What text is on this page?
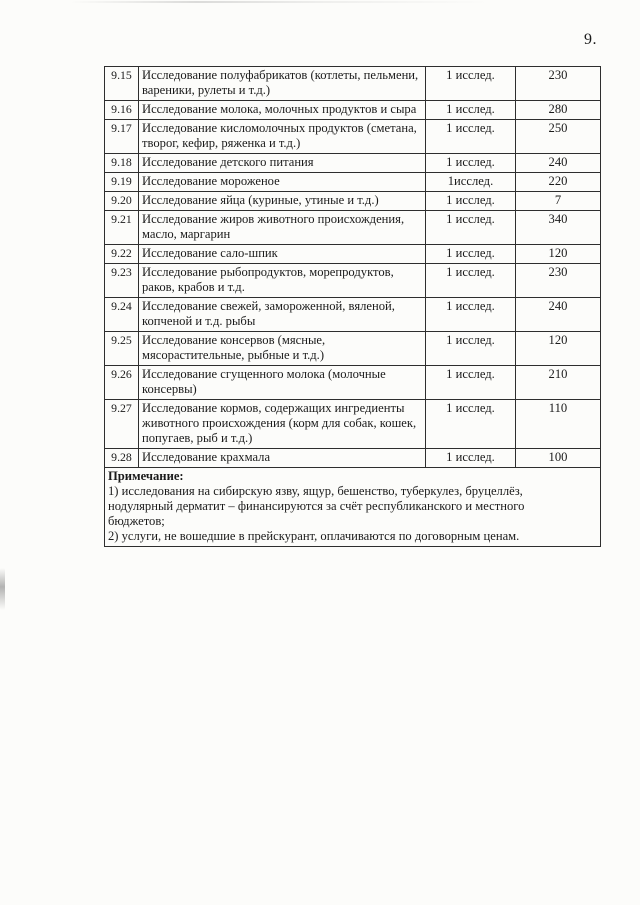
9.
9.15	Исследование полуфабрикатов (котлеты, пельмени, вареники, рулеты и т.д.)	1 исслед.	230
9.16	Исследование молока, молочных продуктов и сыра	1 исслед.	280
9.17	Исследование кисломолочных продуктов (сметана, творог, кефир, ряженка и т.д.)	1 исслед.	250
9.18	Исследование детского питания	1 исслед.	240
9.19	Исследование мороженое	1исслед.	220
9.20	Исследование яйца (куриные, утиные и т.д.)	1 исслед.	7
9.21	Исследование жиров животного происхождения, масло, маргарин	1 исслед.	340
9.22	Исследование сало-шпик	1 исслед.	120
9.23	Исследование рыбопродуктов, морепродуктов, раков, крабов и т.д.	1 исслед.	230
9.24	Исследование свежей, замороженной, вяленой, копченой и т.д. рыбы	1 исслед.	240
9.25	Исследование консервов (мясные, мясорастительные, рыбные и т.д.)	1 исслед.	120
9.26	Исследование сгущенного молока (молочные консервы)	1 исслед.	210
9.27	Исследование кормов, содержащих ингредиенты животного происхождения (корм для собак, кошек, попугаев, рыб и т.д.)	1 исслед.	110
9.28	Исследование крахмала	1 исслед.	100

Примечание:
1) исследования на сибирскую язву, ящур, бешенство, туберкулез, бруцеллёз, нодулярный дерматит – финансируются за счёт республиканского и местного бюджетов;
2) услуги, не вошедшие в прейскурант, оплачиваются по договорным ценам.			
